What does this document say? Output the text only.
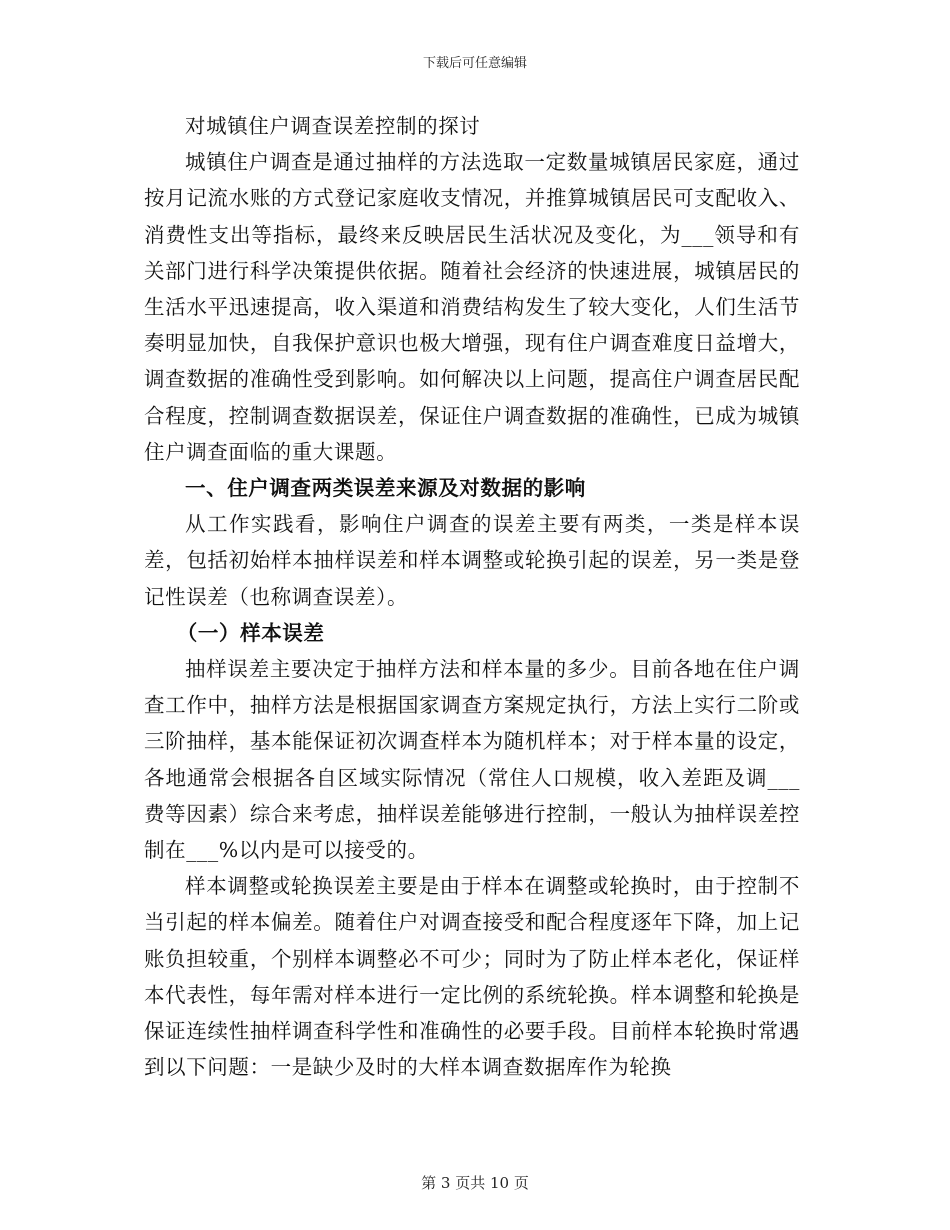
下载后可任意编辑

对城镇住户调查误差控制的探讨

城镇住户调查是通过抽样的方法选取一定数量城镇居民家庭，通过按月记流水账的方式登记家庭收支情况，并推算城镇居民可支配收入、消费性支出等指标，最终来反映居民生活状况及变化，为___领导和有关部门进行科学决策提供依据。随着社会经济的快速进展，城镇居民的生活水平迅速提高，收入渠道和消费结构发生了较大变化，人们生活节奏明显加快，自我保护意识也极大增强，现有住户调查难度日益增大，调查数据的准确性受到影响。如何解决以上问题，提高住户调查居民配合程度，控制调查数据误差，保证住户调查数据的准确性，已成为城镇住户调查面临的重大课题。

一、住户调查两类误差来源及对数据的影响

从工作实践看，影响住户调查的误差主要有两类，一类是样本误差，包括初始样本抽样误差和样本调整或轮换引起的误差，另一类是登记性误差（也称调查误差）。

（一）样本误差

抽样误差主要决定于抽样方法和样本量的多少。目前各地在住户调查工作中，抽样方法是根据国家调查方案规定执行，方法上实行二阶或三阶抽样，基本能保证初次调查样本为随机样本；对于样本量的设定，各地通常会根据各自区域实际情况（常住人口规模，收入差距及调___费等因素）综合来考虑，抽样误差能够进行控制，一般认为抽样误差控制在___%以内是可以接受的。

样本调整或轮换误差主要是由于样本在调整或轮换时，由于控制不当引起的样本偏差。随着住户对调查接受和配合程度逐年下降，加上记账负担较重，个别样本调整必不可少；同时为了防止样本老化，保证样本代表性，每年需对样本进行一定比例的系统轮换。样本调整和轮换是保证连续性抽样调查科学性和准确性的必要手段。目前样本轮换时常遇到以下问题：一是缺少及时的大样本调查数据库作为轮换

第 3 页共 10 页
